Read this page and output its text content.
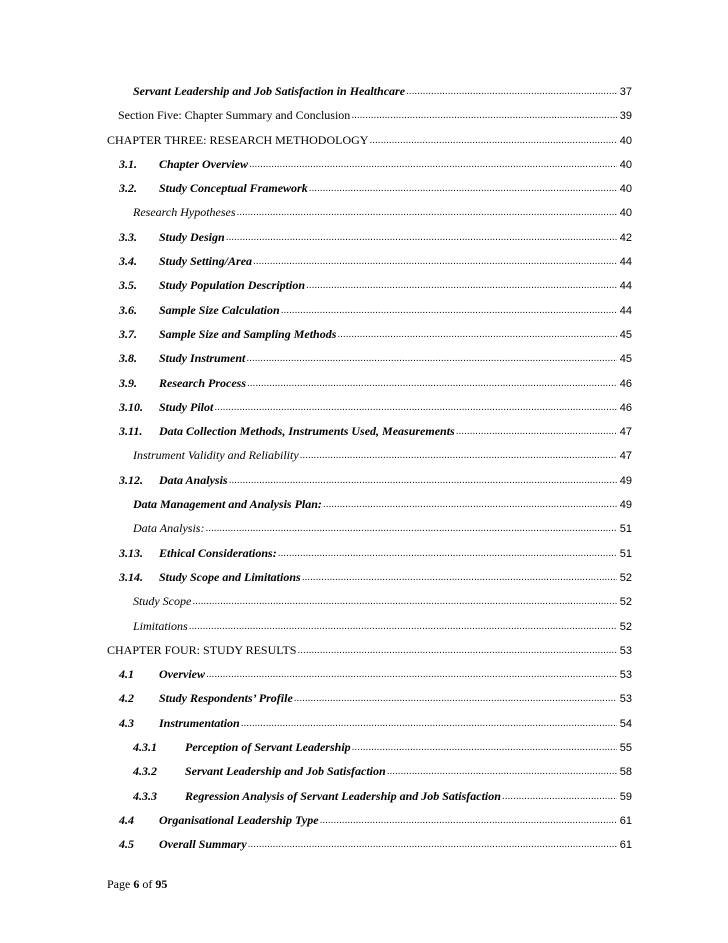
Servant Leadership and Job Satisfaction in Healthcare .....	37
Section Five: Chapter Summary and Conclusion .....	39
CHAPTER THREE: RESEARCH METHODOLOGY .....	40
3.1.	Chapter Overview .....	40
3.2.	Study Conceptual Framework .....	40
Research Hypotheses .....	40
3.3.	Study Design .....	42
3.4.	Study Setting/Area .....	44
3.5.	Study Population Description .....	44
3.6.	Sample Size Calculation .....	44
3.7.	Sample Size and Sampling Methods .....	45
3.8.	Study Instrument .....	45
3.9.	Research Process .....	46
3.10.	Study Pilot .....	46
3.11.	Data Collection Methods, Instruments Used, Measurements .....	47
Instrument Validity and Reliability .....	47
3.12.	Data Analysis .....	49
Data Management and Analysis Plan: .....	49
Data Analysis: .....	51
3.13.	Ethical Considerations: .....	51
3.14.	Study Scope and Limitations .....	52
Study Scope .....	52
Limitations .....	52
CHAPTER FOUR: STUDY RESULTS .....	53
4.1	Overview .....	53
4.2	Study Respondents’ Profile .....	53
4.3	Instrumentation .....	54
4.3.1	Perception of Servant Leadership .....	55
4.3.2	Servant Leadership and Job Satisfaction .....	58
4.3.3	Regression Analysis of Servant Leadership and Job Satisfaction .....	59
4.4	Organisational Leadership Type .....	61
4.5	Overall Summary .....	61
Page 6 of 95
